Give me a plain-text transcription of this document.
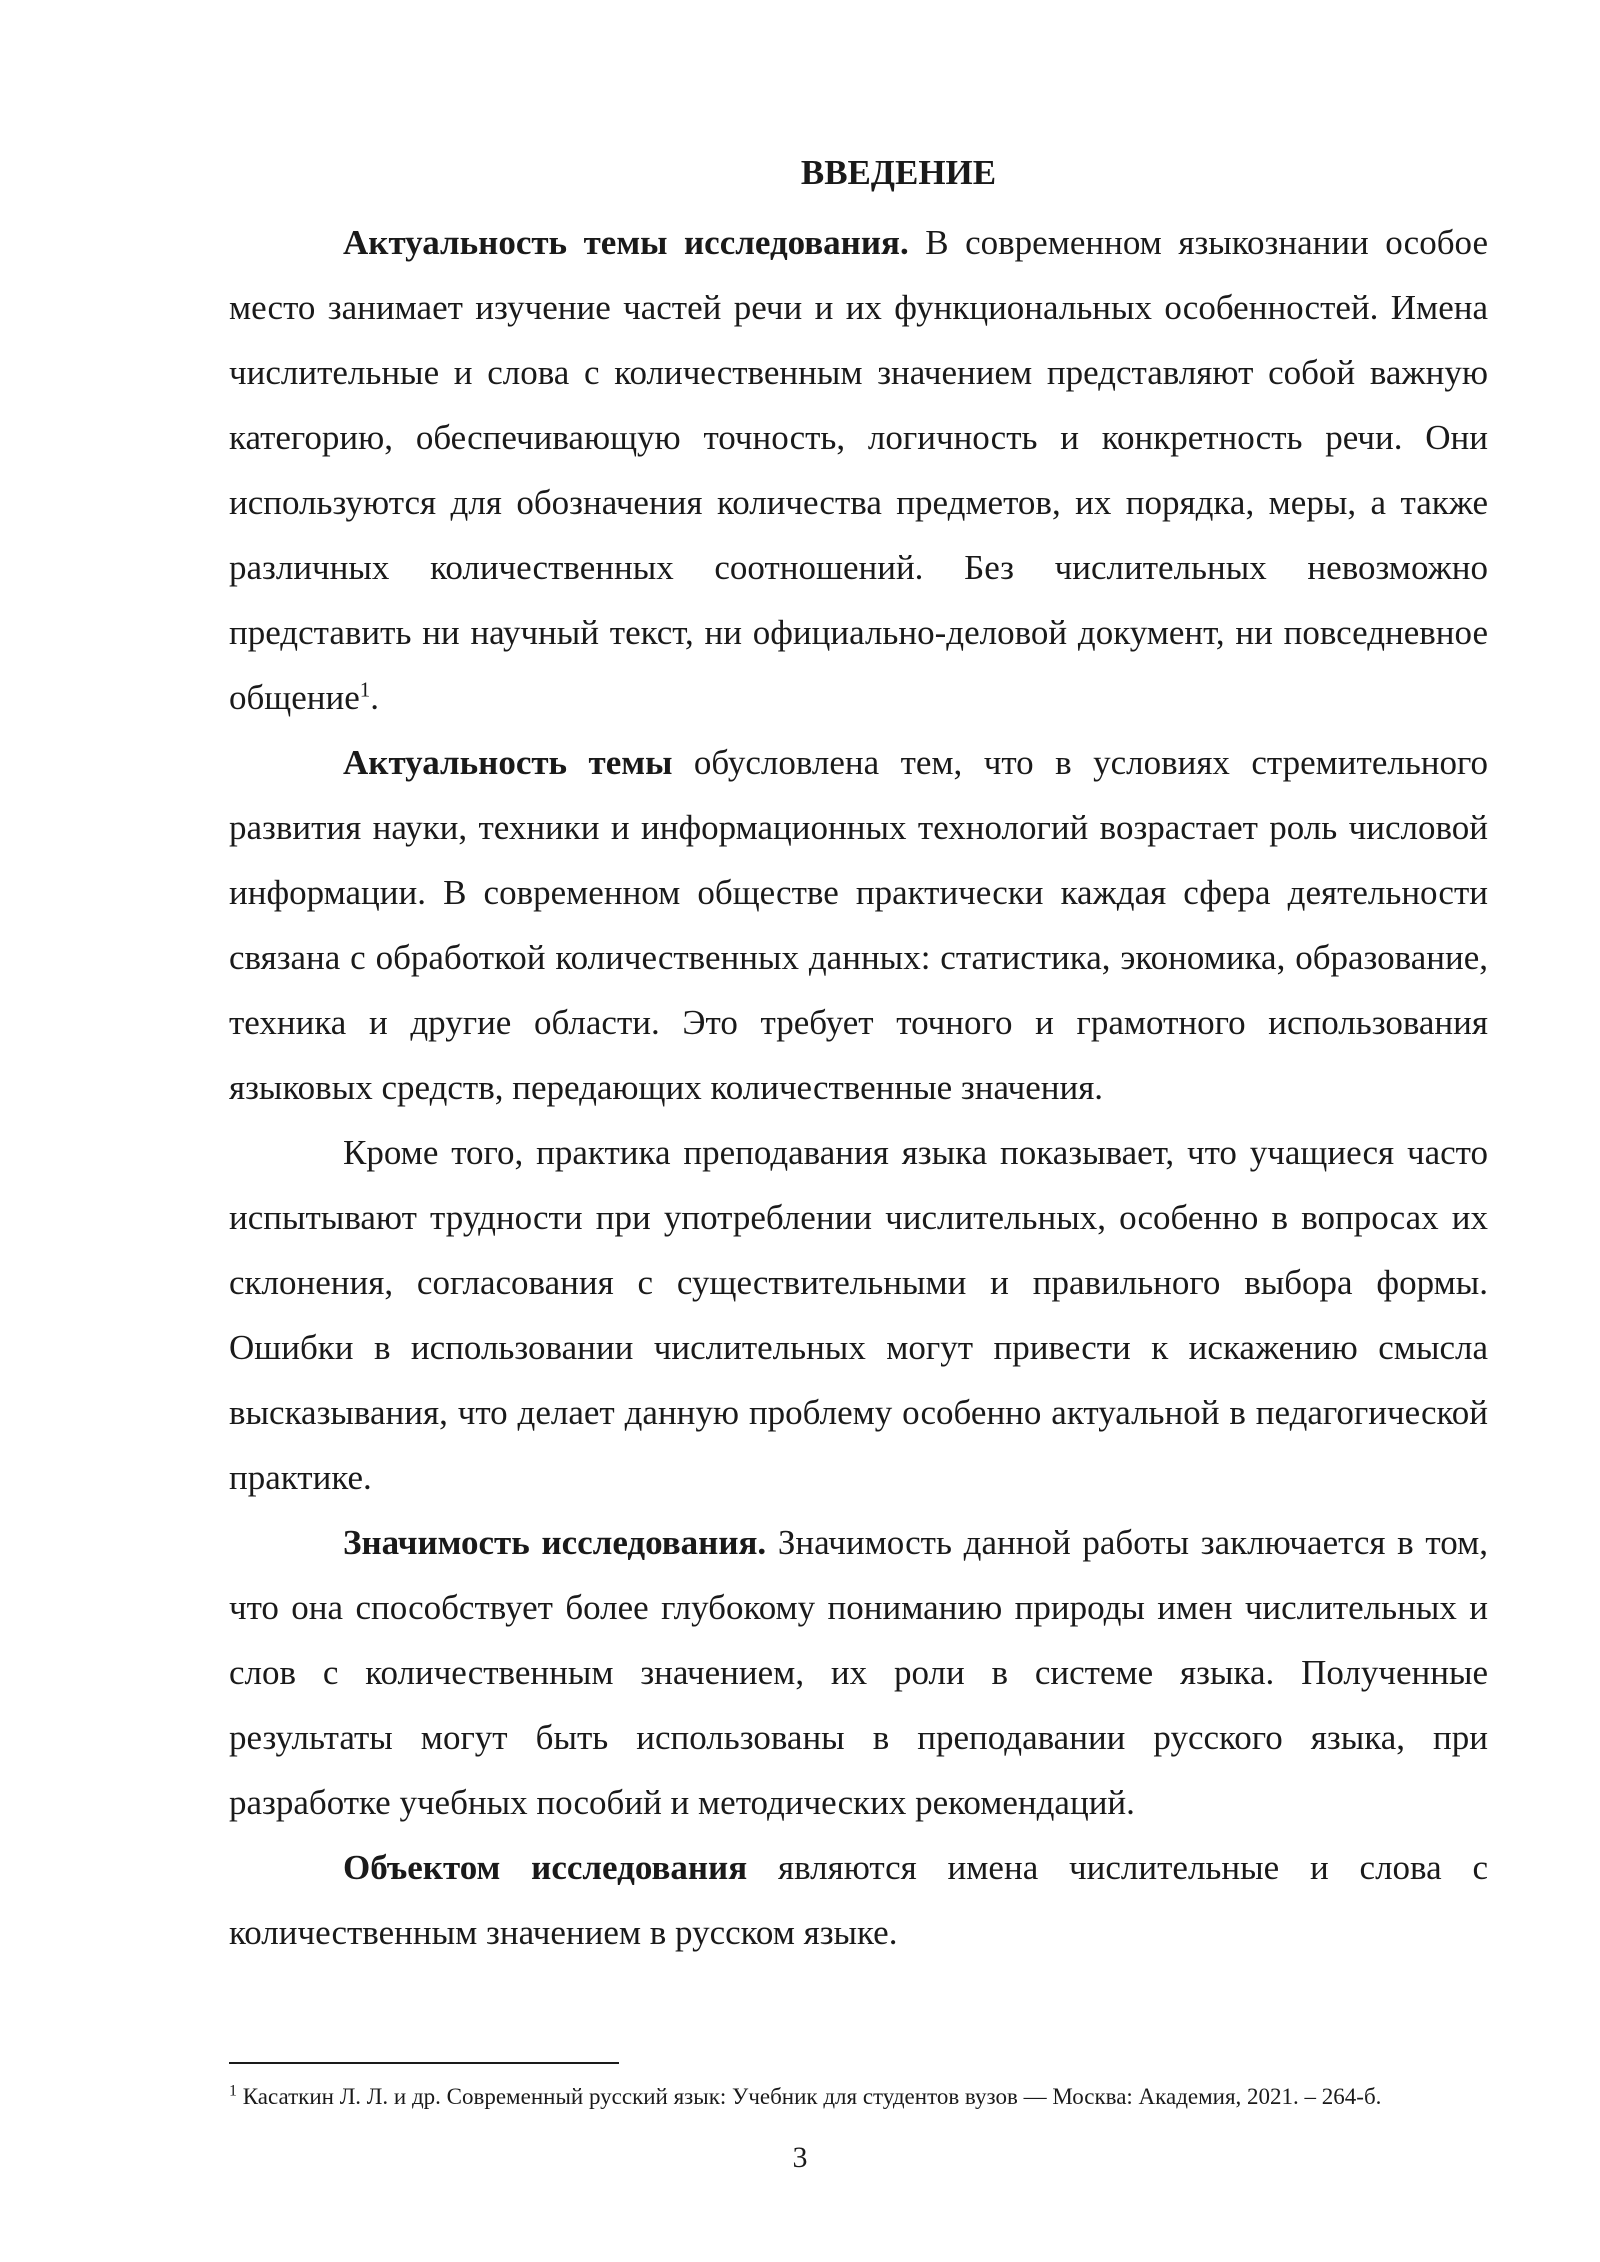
ВВЕДЕНИЕ

Актуальность темы исследования. В современном языкознании особое место занимает изучение частей речи и их функциональных особенностей. Имена числительные и слова с количественным значением представляют собой важную категорию, обеспечивающую точность, логичность и конкретность речи. Они используются для обозначения количества предметов, их порядка, меры, а также различных количественных соотношений. Без числительных невозможно представить ни научный текст, ни официально-деловой документ, ни повседневное общение$^1$.

Актуальность темы обусловлена тем, что в условиях стремительного развития науки, техники и информационных технологий возрастает роль числовой информации. В современном обществе практически каждая сфера деятельности связана с обработкой количественных данных: статистика, экономика, образование, техника и другие области. Это требует точного и грамотного использования языковых средств, передающих количественные значения.

Кроме того, практика преподавания языка показывает, что учащиеся часто испытывают трудности при употреблении числительных, особенно в вопросах их склонения, согласования с существительными и правильного выбора формы. Ошибки в использовании числительных могут привести к искажению смысла высказывания, что делает данную проблему особенно актуальной в педагогической практике.

Значимость исследования. Значимость данной работы заключается в том, что она способствует более глубокому пониманию природы имен числительных и слов с количественным значением, их роли в системе языка. Полученные результаты могут быть использованы в преподавании русского языка, при разработке учебных пособий и методических рекомендаций.

Объектом исследования являются имена числительные и слова с количественным значением в русском языке.

$^1$ Касаткин Л. Л. и др. Современный русский язык: Учебник для студентов вузов — Москва: Академия, 2021. – 264-б.
3
